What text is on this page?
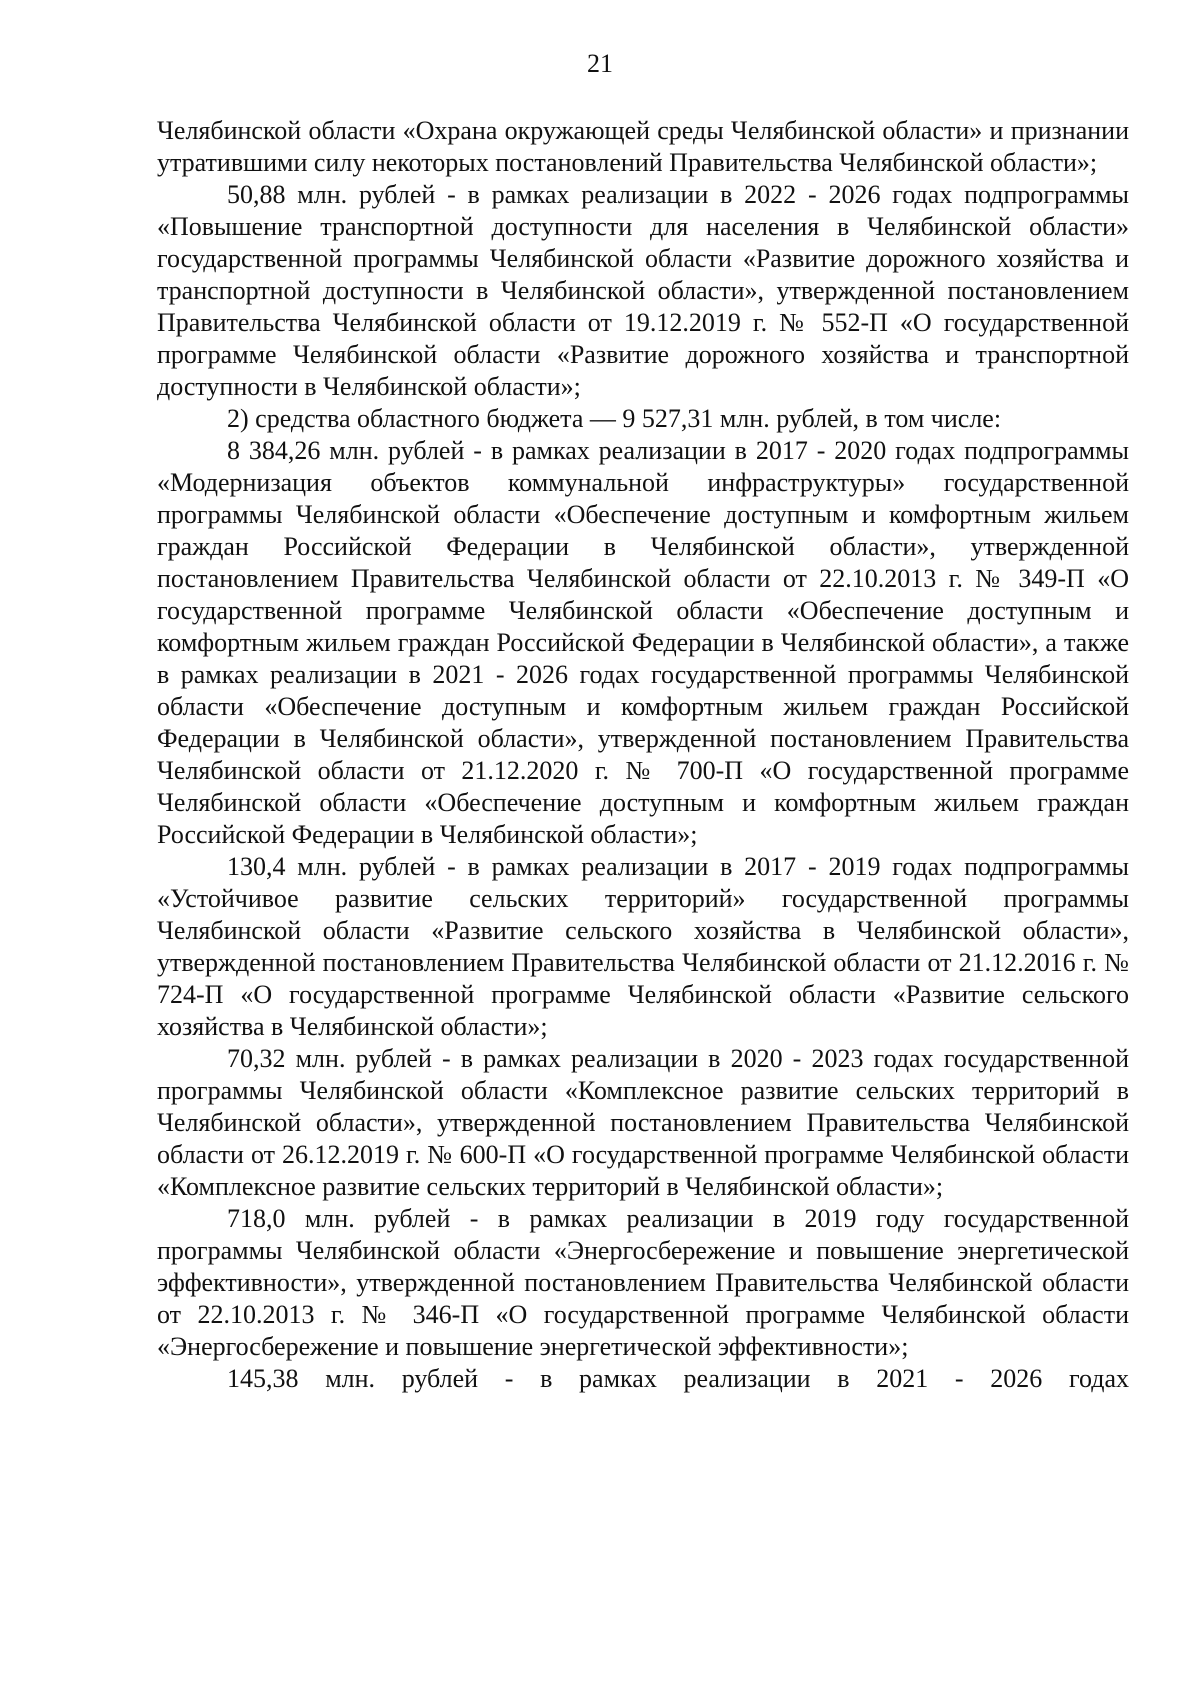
21

Челябинской области «Охрана окружающей среды Челябинской области» и признании утратившими силу некоторых постановлений Правительства Челябинской области»;

50,88 млн. рублей - в рамках реализации в 2022 - 2026 годах подпрограммы «Повышение транспортной доступности для населения в Челябинской области» государственной программы Челябинской области «Развитие дорожного хозяйства и транспортной доступности в Челябинской области», утвержденной постановлением Правительства Челябинской области от 19.12.2019 г. № 552-П «О государственной программе Челябинской области «Развитие дорожного хозяйства и транспортной доступности в Челябинской области»;

2) средства областного бюджета — 9 527,31 млн. рублей, в том числе:

8 384,26 млн. рублей - в рамках реализации в 2017 - 2020 годах подпрограммы «Модернизация объектов коммунальной инфраструктуры» государственной программы Челябинской области «Обеспечение доступным и комфортным жильем граждан Российской Федерации в Челябинской области», утвержденной постановлением Правительства Челябинской области от 22.10.2013 г. № 349-П «О государственной программе Челябинской области «Обеспечение доступным и комфортным жильем граждан Российской Федерации в Челябинской области», а также в рамках реализации в 2021 - 2026 годах государственной программы Челябинской области «Обеспечение доступным и комфортным жильем граждан Российской Федерации в Челябинской области», утвержденной постановлением Правительства Челябинской области от 21.12.2020 г. № 700-П «О государственной программе Челябинской области «Обеспечение доступным и комфортным жильем граждан Российской Федерации в Челябинской области»;

130,4 млн. рублей - в рамках реализации в 2017 - 2019 годах подпрограммы «Устойчивое развитие сельских территорий» государственной программы Челябинской области «Развитие сельского хозяйства в Челябинской области», утвержденной постановлением Правительства Челябинской области от 21.12.2016 г. № 724-П «О государственной программе Челябинской области «Развитие сельского хозяйства в Челябинской области»;

70,32 млн. рублей - в рамках реализации в 2020 - 2023 годах государственной программы Челябинской области «Комплексное развитие сельских территорий в Челябинской области», утвержденной постановлением Правительства Челябинской области от 26.12.2019 г. № 600-П «О государственной программе Челябинской области «Комплексное развитие сельских территорий в Челябинской области»;

718,0 млн. рублей - в рамках реализации в 2019 году государственной программы Челябинской области «Энергосбережение и повышение энергетической эффективности», утвержденной постановлением Правительства Челябинской области от 22.10.2013 г. № 346-П «О государственной программе Челябинской области «Энергосбережение и повышение энергетической эффективности»;

145,38 млн. рублей - в рамках реализации в 2021 - 2026 годах
